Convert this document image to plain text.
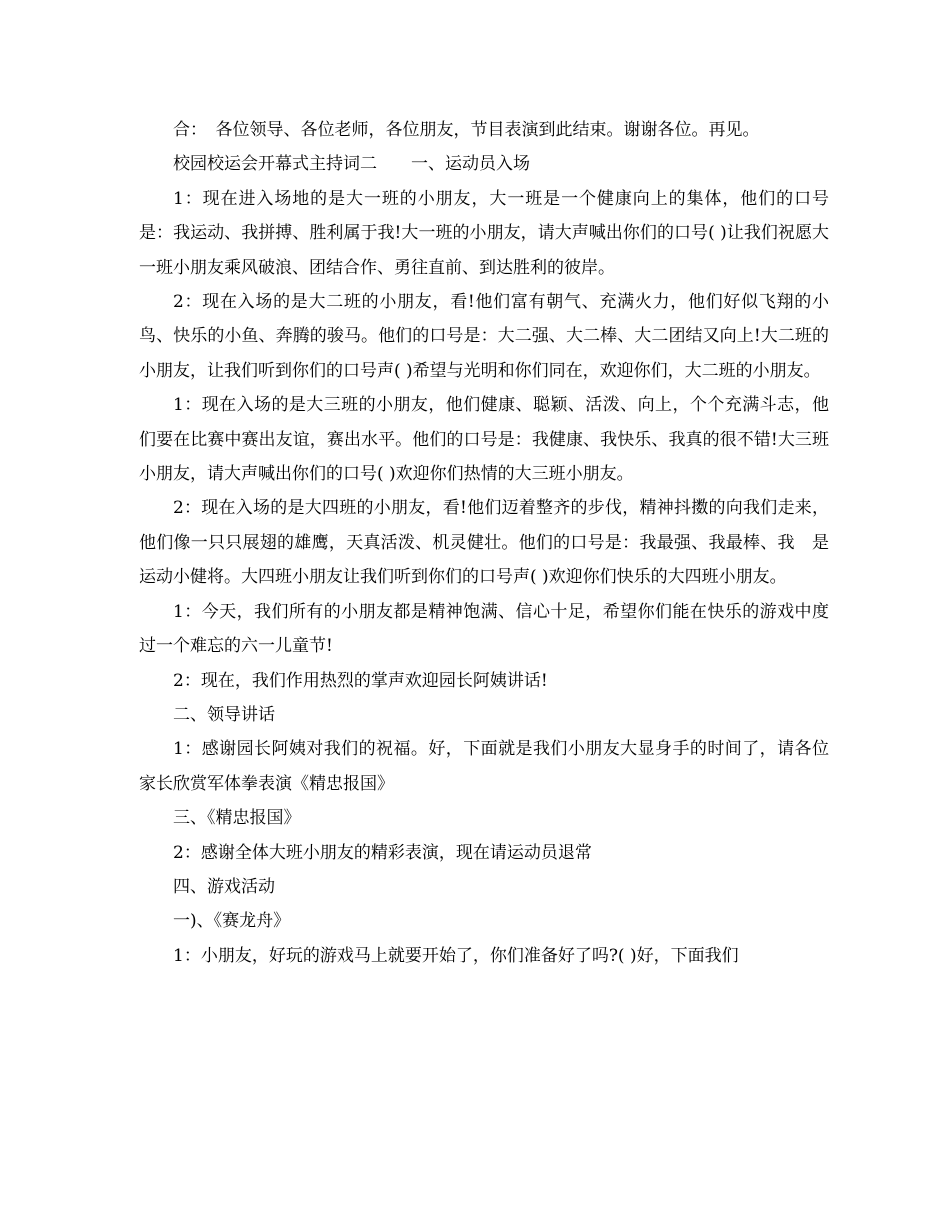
合：　各位领导、各位老师，各位朋友，节目表演到此结束。谢谢各位。再见。

校园校运会开幕式主持词二　　一、运动员入场

1：现在进入场地的是大一班的小朋友，大一班是一个健康向上的集体，他们的口号是：我运动、我拼搏、胜利属于我!大一班的小朋友，请大声喊出你们的口号( )让我们祝愿大一班小朋友乘风破浪、团结合作、勇往直前、到达胜利的彼岸。

2：现在入场的是大二班的小朋友，看!他们富有朝气、充满火力，他们好似飞翔的小鸟、快乐的小鱼、奔腾的骏马。他们的口号是：大二强、大二棒、大二团结又向上!大二班的小朋友，让我们听到你们的口号声( )希望与光明和你们同在，欢迎你们，大二班的小朋友。

1：现在入场的是大三班的小朋友，他们健康、聪颖、活泼、向上，个个充满斗志，他们要在比赛中赛出友谊，赛出水平。他们的口号是：我健康、我快乐、我真的很不错!大三班小朋友，请大声喊出你们的口号( )欢迎你们热情的大三班小朋友。

2：现在入场的是大四班的小朋友，看!他们迈着整齐的步伐，精神抖擞的向我们走来，他们像一只只展翅的雄鹰，天真活泼、机灵健壮。他们的口号是：我最强、我最棒、我　是运动小健将。大四班小朋友让我们听到你们的口号声( )欢迎你们快乐的大四班小朋友。

1：今天，我们所有的小朋友都是精神饱满、信心十足，希望你们能在快乐的游戏中度过一个难忘的六一儿童节!

2：现在，我们作用热烈的掌声欢迎园长阿姨讲话!

二、领导讲话

1：感谢园长阿姨对我们的祝福。好，下面就是我们小朋友大显身手的时间了，请各位家长欣赏军体拳表演《精忠报国》

三、《精忠报国》

2：感谢全体大班小朋友的精彩表演，现在请运动员退常

四、游戏活动

一)、《赛龙舟》

1：小朋友，好玩的游戏马上就要开始了，你们准备好了吗?( )好，下面我们
